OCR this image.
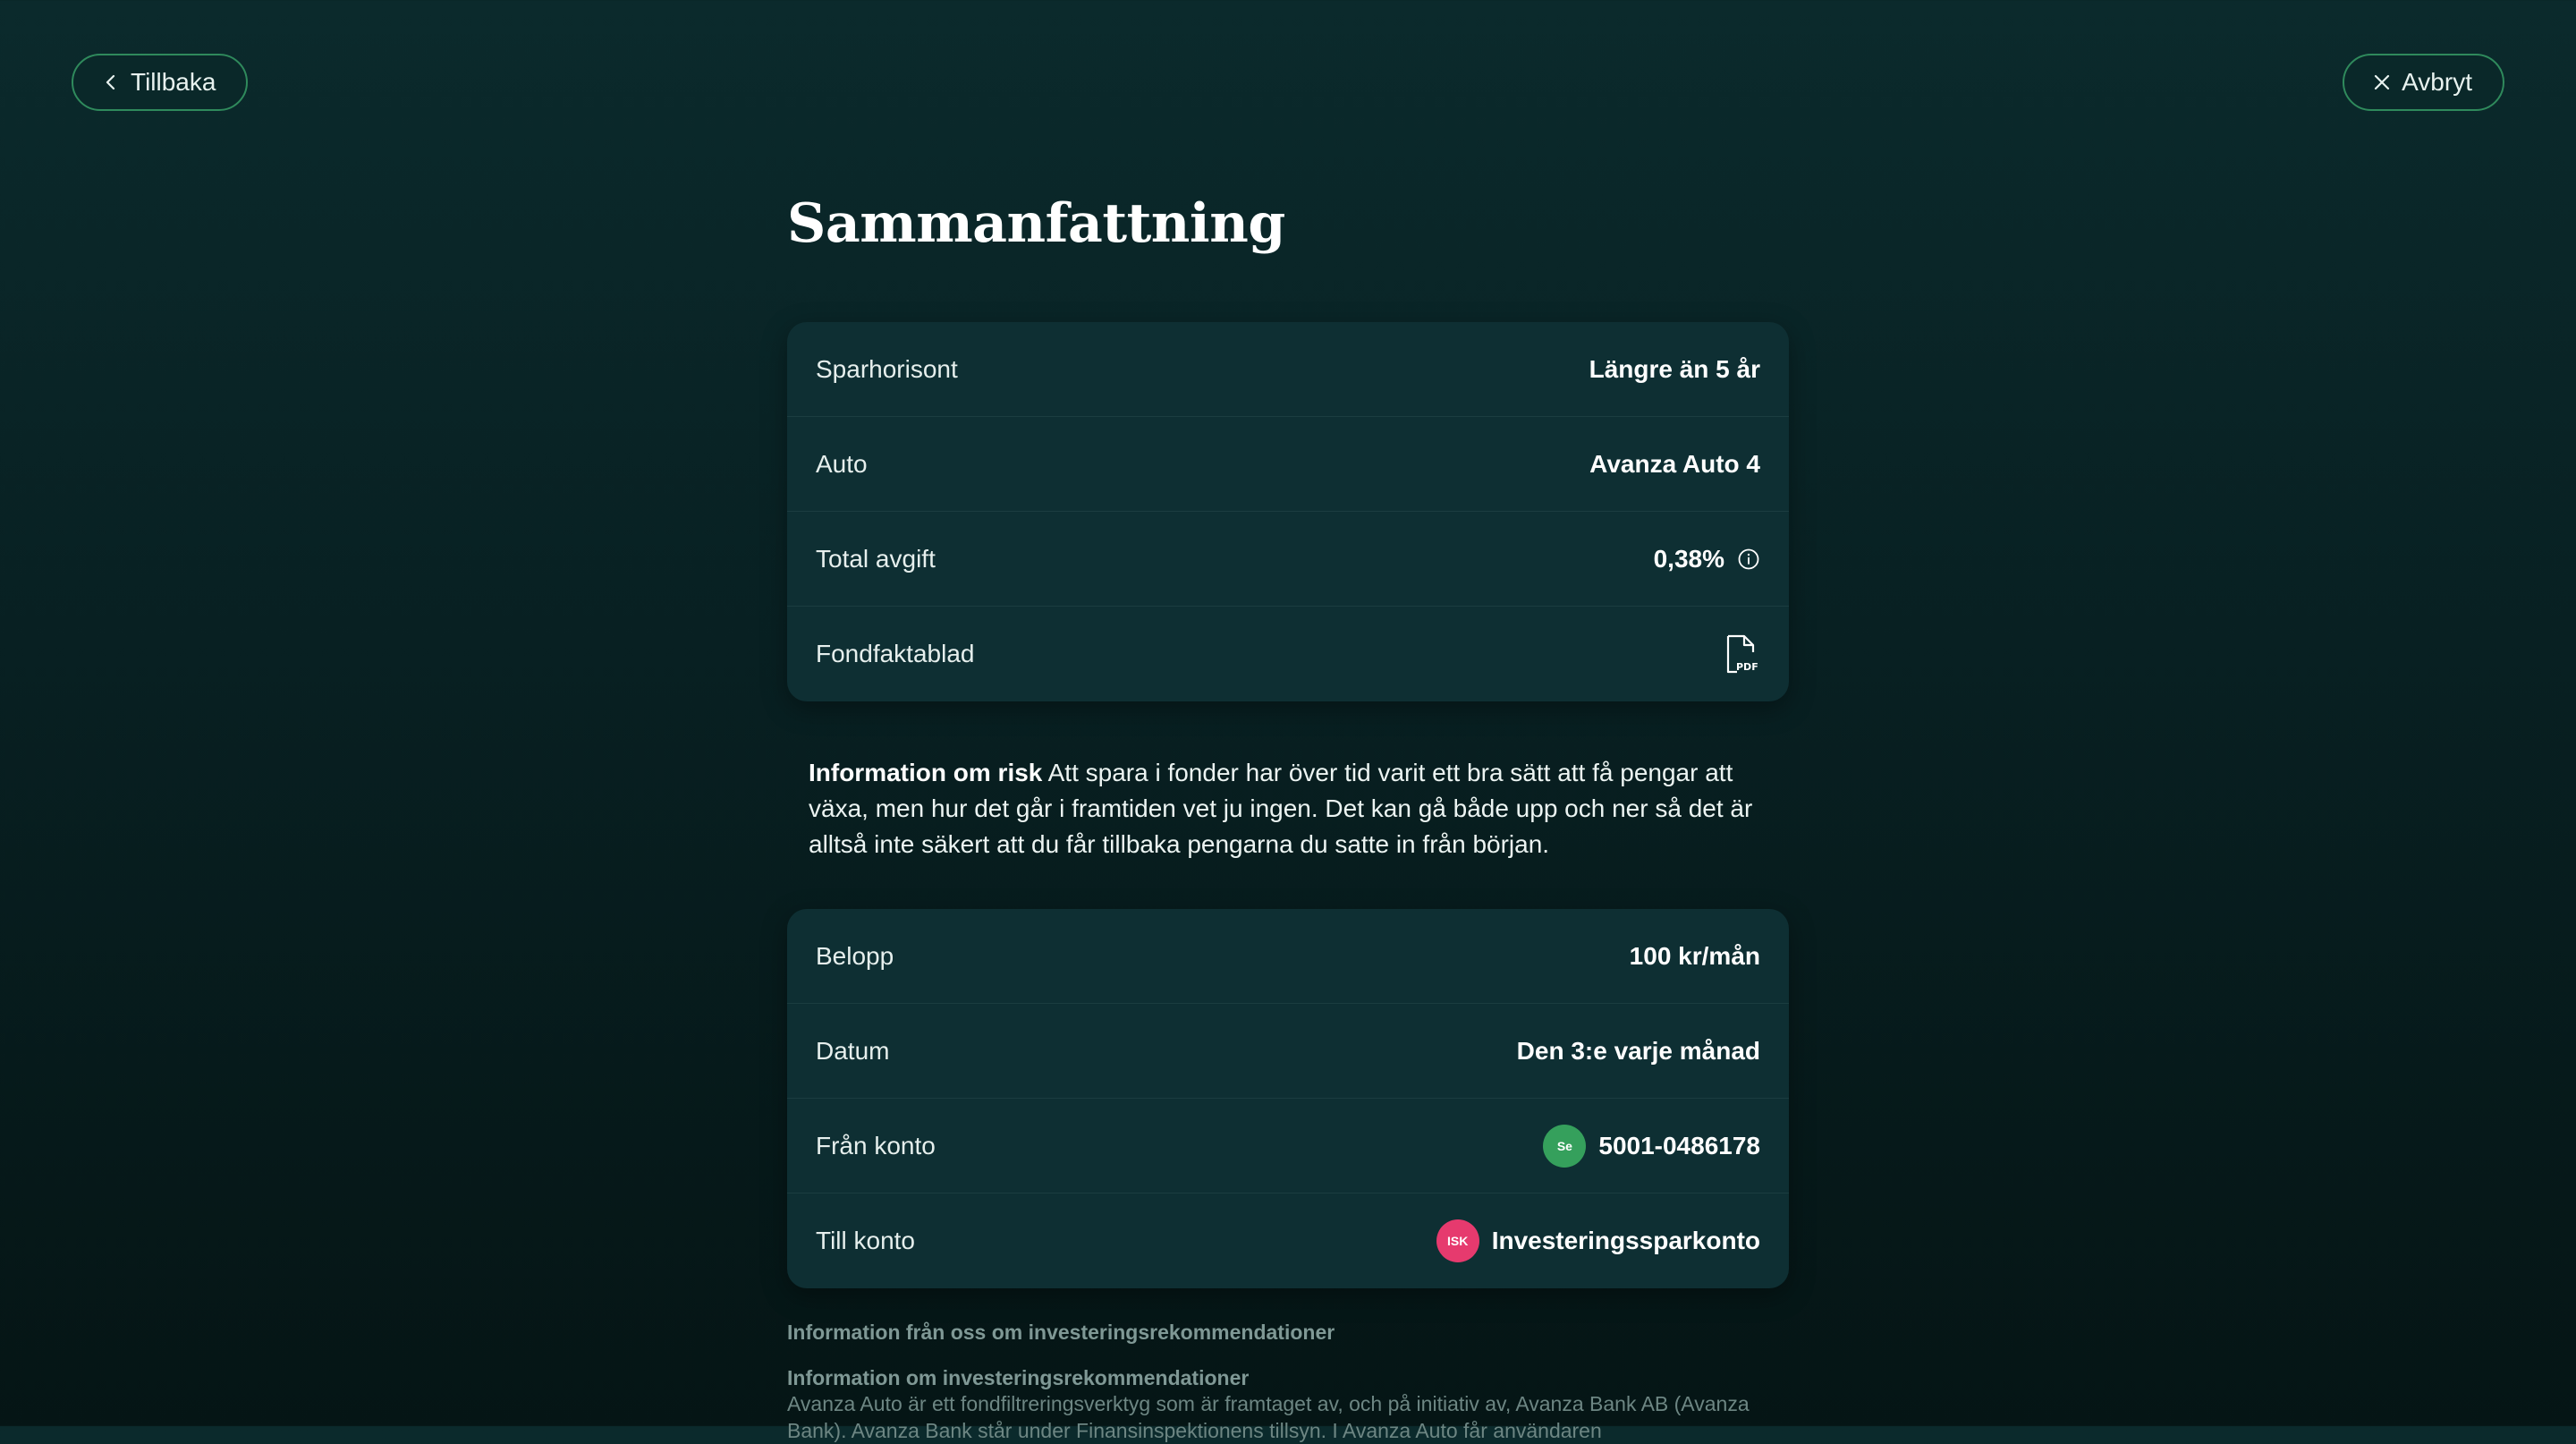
Tillbaka	Avbryt
Sammanfattning
Sparhorisont	Längre än 5 år
Auto	Avanza Auto 4
Total avgift	0,38%
Fondfaktablad	PDF

Information om risk Att spara i fonder har över tid varit ett bra sätt att få pengar att växa, men hur det går i framtiden vet ju ingen. Det kan gå både upp och ner så det är alltså inte säkert att du får tillbaka pengarna du satte in från början.

Belopp	100 kr/mån
Datum	Den 3:e varje månad
Från konto	Se	5001-0486178
Till konto	ISK Investeringssparkonto
Information från oss om investeringsrekommendationer
Information om investeringsrekommendationer
Avanza Auto är ett fondfiltreringsverktyg som är framtaget av, och på initiativ av, Avanza Bank AB (Avanza Bank). Avanza Bank står under Finansinspektionens tillsyn. I Avanza Auto får användaren
